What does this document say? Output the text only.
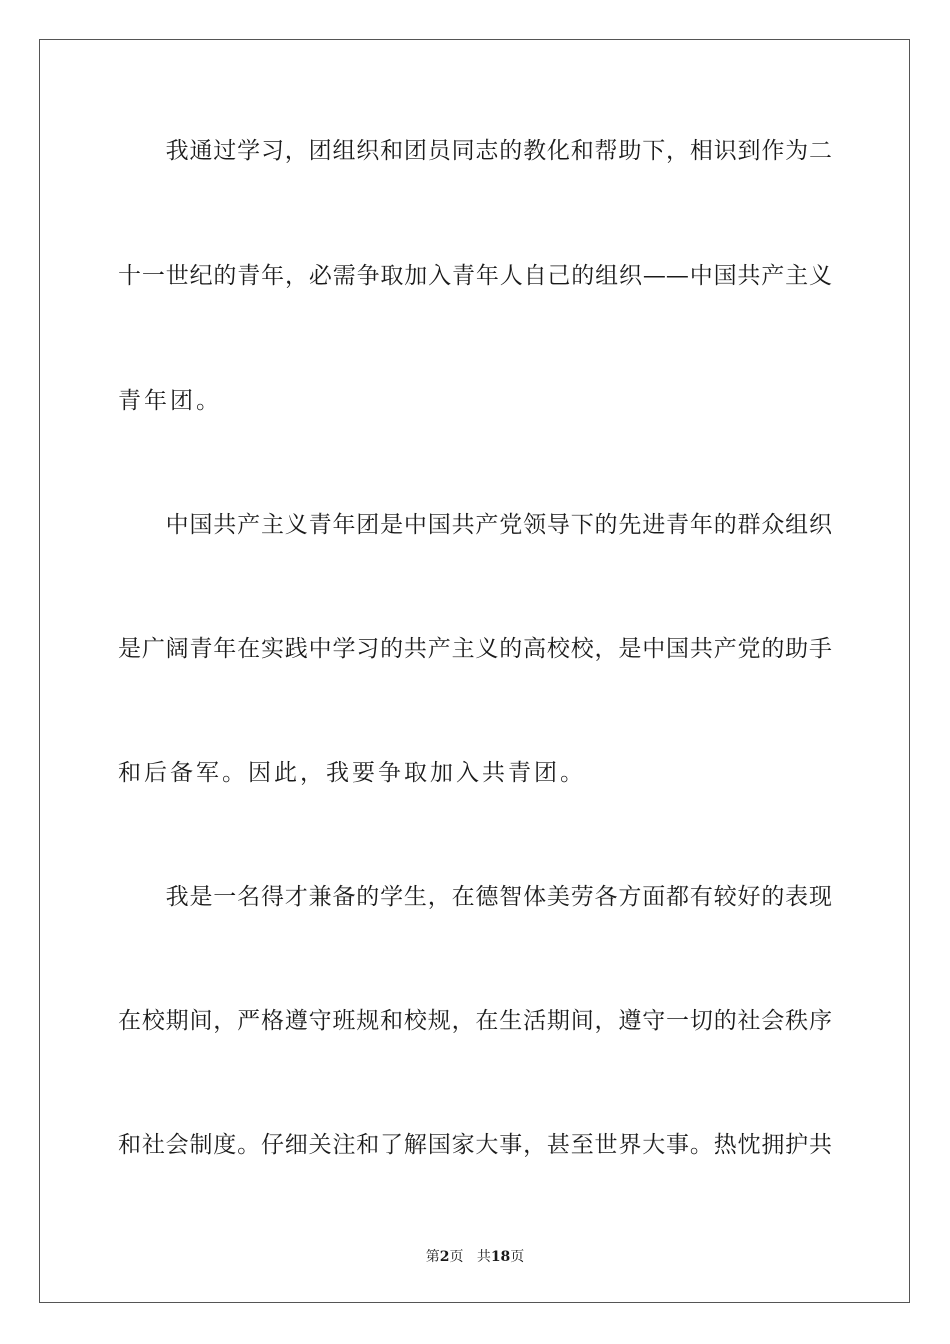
　　我通过学习，团组织和团员同志的教化和帮助下，相识到作为二
十一世纪的青年，必需争取加入青年人自己的组织——中国共产主义
青年团。
　　中国共产主义青年团是中国共产党领导下的先进青年的群众组织
是广阔青年在实践中学习的共产主义的高校校，是中国共产党的助手
和后备军。因此，我要争取加入共青团。
　　我是一名得才兼备的学生，在德智体美劳各方面都有较好的表现
在校期间，严格遵守班规和校规，在生活期间，遵守一切的社会秩序
和社会制度。仔细关注和了解国家大事，甚至世界大事。热忱拥护共
第2页 共18页
